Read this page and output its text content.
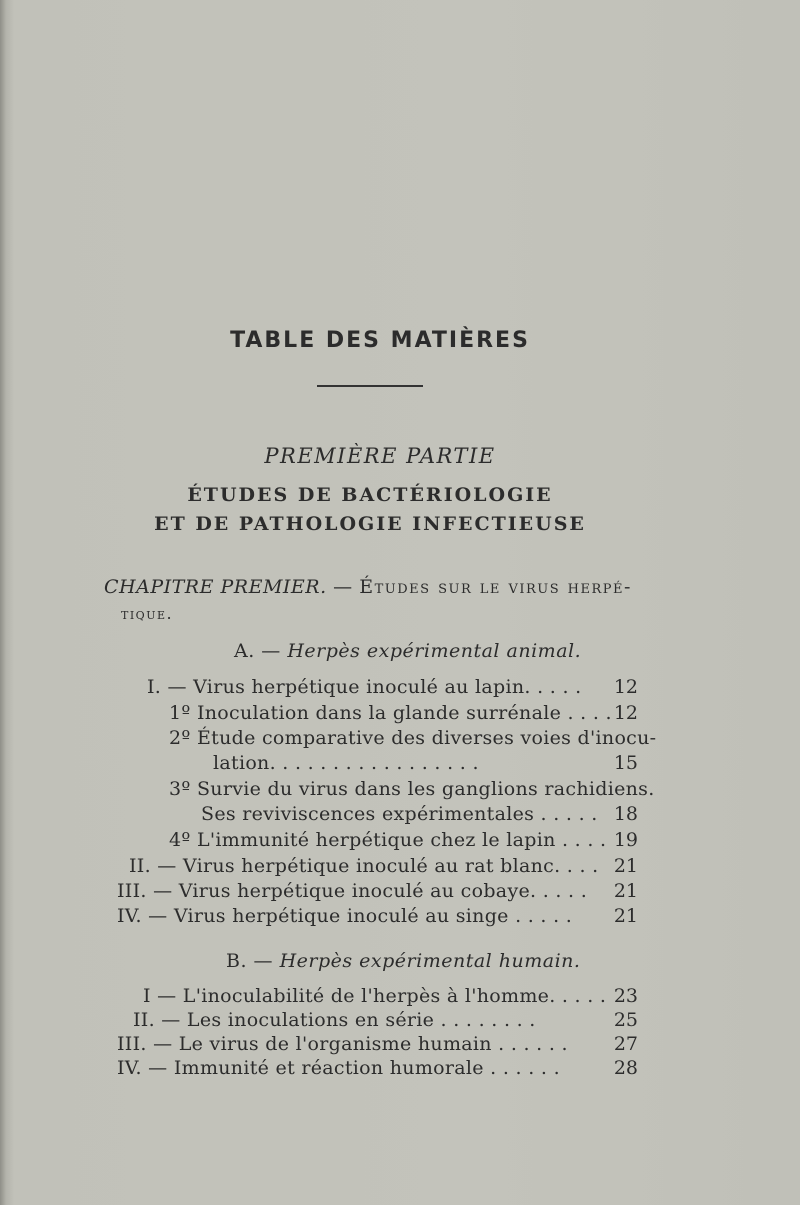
TABLE DES MATIÈRES
PREMIÈRE PARTIE
ÉTUDES DE BACTÉRIOLOGIE
ET DE PATHOLOGIE INFECTIEUSE
CHAPITRE PREMIER. — Études sur le virus herpé-
tique.
A. — Herpès expérimental animal.
I. — Virus herpétique inoculé au lapin. . . . .	12
1º Inoculation dans la glande surrénale . . . . 12
2º Étude comparative des diverses voies d'inocu-
lation. . . . . . . . . . . . . . . . .	15
3º Survie du virus dans les ganglions rachidiens.
Ses reviviscences expérimentales . . . . . 18
4º L'immunité herpétique chez le lapin . . . . 19
II. — Virus herpétique inoculé au rat blanc. . . . 21
III. — Virus herpétique inoculé au cobaye. . . . .	21
IV. — Virus herpétique inoculé au singe . . . . .	21
B. — Herpès expérimental humain.
I — L'inoculabilité de l'herpès à l'homme. . . . . 23
II. — Les inoculations en série . . . . . . . .	25
III. — Le virus de l'organisme humain . . . . . .	27
IV. — Immunité et réaction humorale . . . . . .	28
